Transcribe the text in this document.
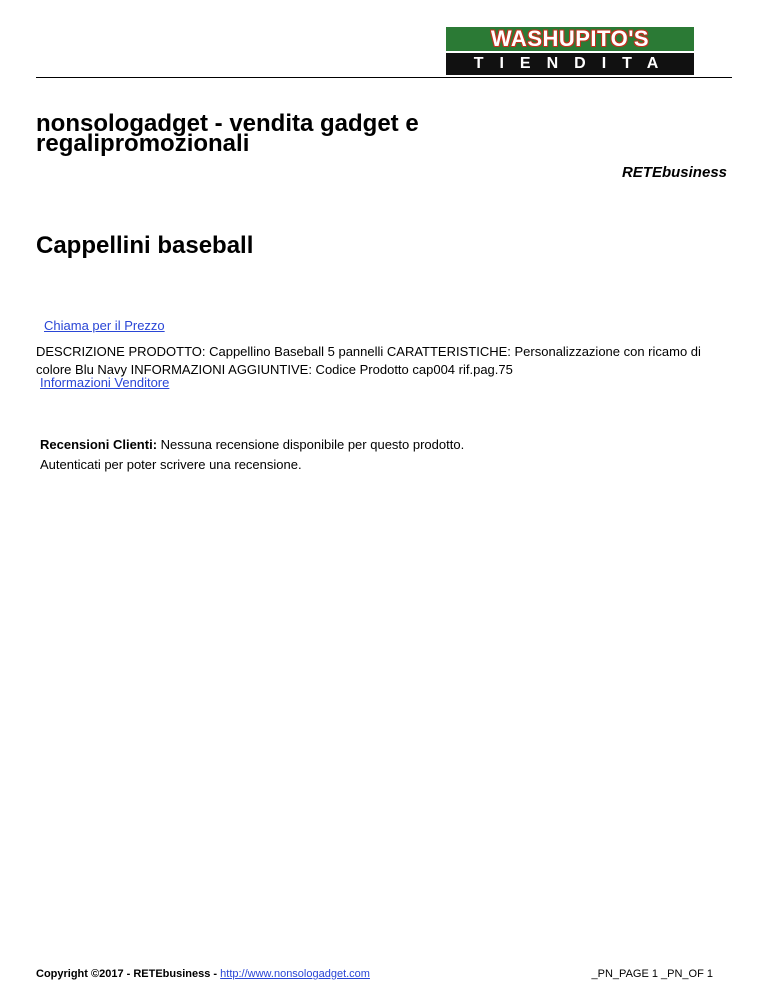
WASHUPITO'S
TIENDITA
nonsologadget - vendita gadget e regalipromozionali

RETEbusiness

Cappellini baseball
Chiama per il Prezzo

DESCRIZIONE PRODOTTO: Cappellino Baseball 5 pannelli CARATTERISTICHE: Personalizzazione con ricamo di colore Blu Navy INFORMAZIONI AGGIUNTIVE: Codice Prodotto cap004 rif.pag.75

Informazioni Venditore
Recensioni Clienti: Nessuna recensione disponibile per questo prodotto.
Autenticati per poter scrivere una recensione.
Copyright ©2017 - RETEbusiness - http://www.nonsologadget.com	_PN_PAGE 1 _PN_OF 1
